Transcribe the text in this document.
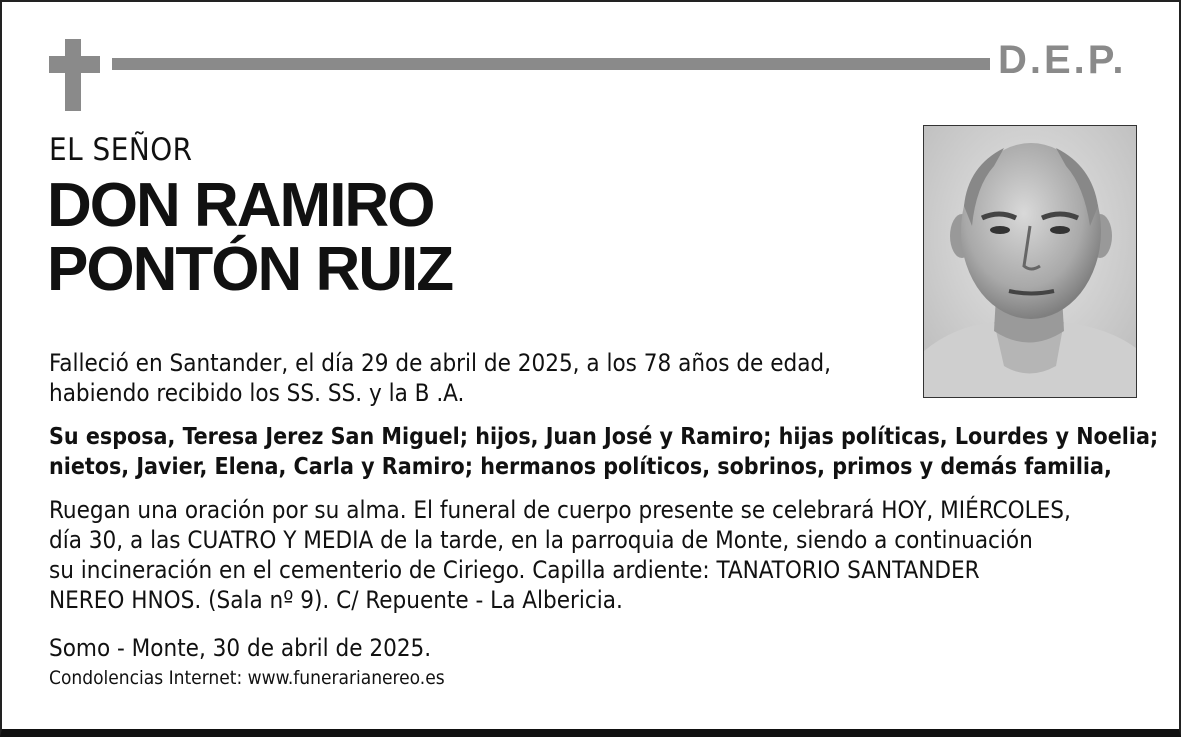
D.E.P.
EL SEÑOR
DON RAMIRO
PONTÓN RUIZ
Falleció en Santander, el día 29 de abril de 2025, a los 78 años de edad,
habiendo recibido los SS. SS. y la B .A.
Su esposa, Teresa Jerez San Miguel; hijos, Juan José y Ramiro; hijas políticas, Lourdes y Noelia;
nietos, Javier, Elena, Carla y Ramiro; hermanos políticos, sobrinos, primos y demás familia,
Ruegan una oración por su alma. El funeral de cuerpo presente se celebrará HOY, MIÉRCOLES,
día 30, a las CUATRO Y MEDIA de la tarde, en la parroquia de Monte, siendo a continuación
su incineración en el cementerio de Ciriego. Capilla ardiente: TANATORIO SANTANDER
NEREO HNOS. (Sala nº 9). C/ Repuente - La Albericia.
Somo - Monte, 30 de abril de 2025.
Condolencias Internet: www.funerarianereo.es
